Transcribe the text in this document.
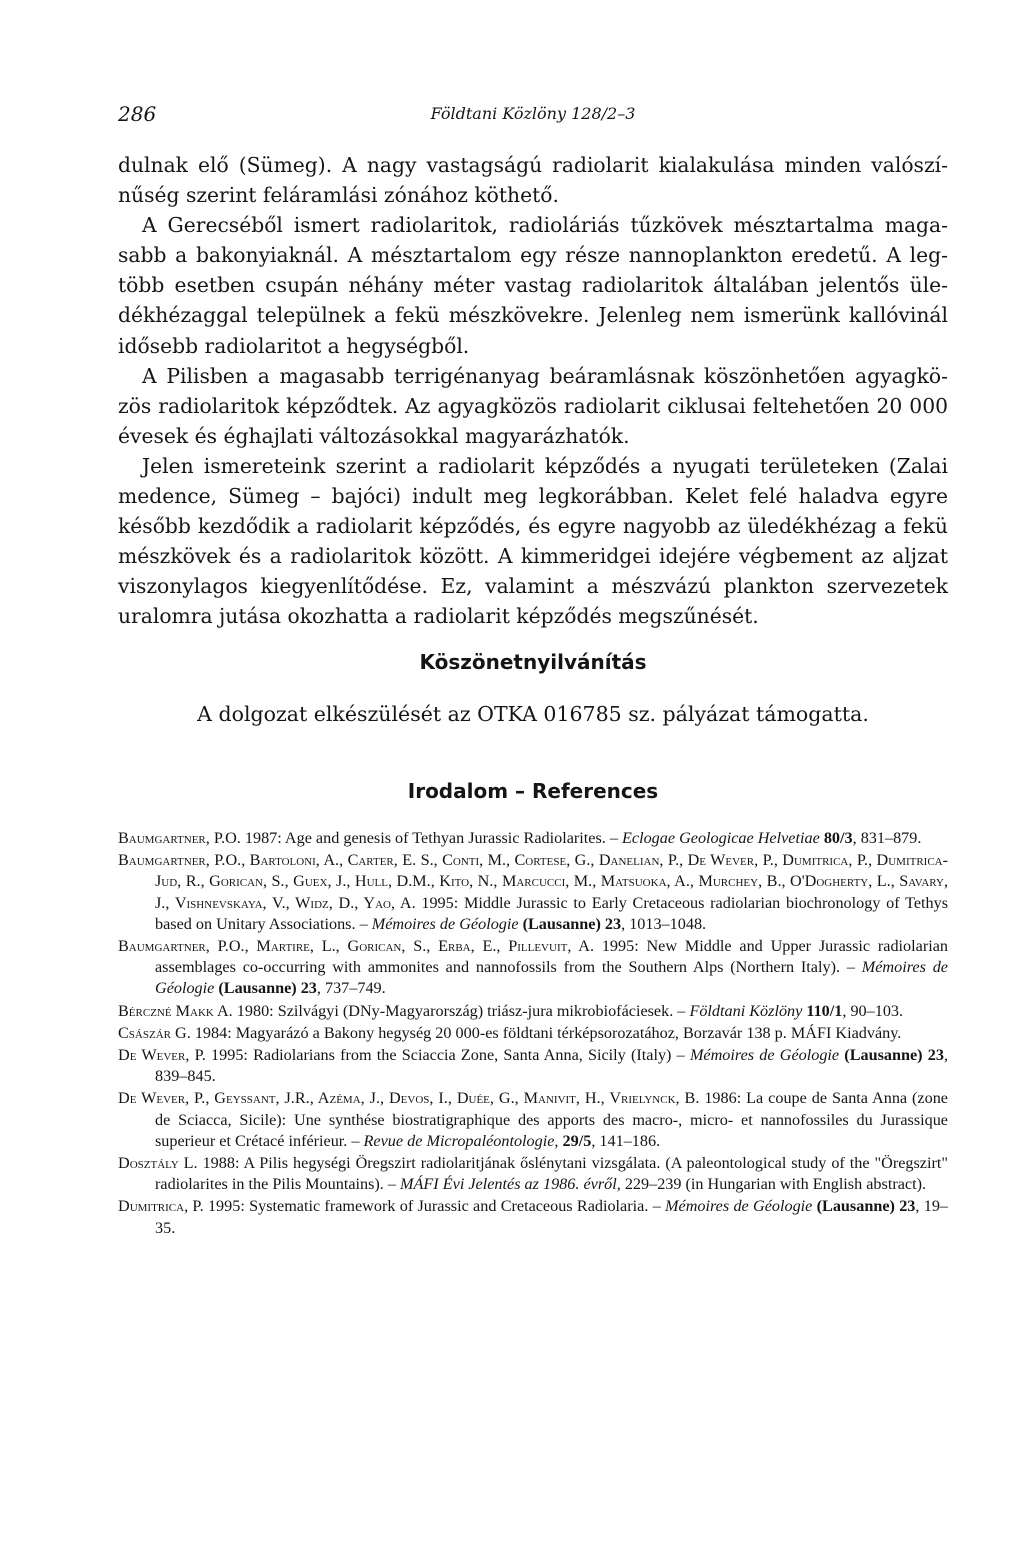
286	Földtani Közlöny 128/2–3

dulnak elő (Sümeg). A nagy vastagságú radiolarit kialakulása minden valószínűség szerint feláramlási zónához köthető.

A Gerecséből ismert radiolaritok, radioláriás tűzkövek mésztartalma magasabb a bakonyiaknál. A mésztartalom egy része nannoplankton eredetű. A legtöbb esetben csupán néhány méter vastag radiolaritok általában jelentős üledékhézaggal települnek a fekü mészkövekre. Jelenleg nem ismerünk kallóvinál idősebb radiolaritot a hegységből.

A Pilisben a magasabb terrigénanyag beáramlásnak köszönhetően agyagközös radiolaritok képződtek. Az agyagközös radiolarit ciklusai feltehetően 20 000 évesek és éghajlati változásokkal magyarázhatók.

Jelen ismereteink szerint a radiolarit képződés a nyugati területeken (Zalai medence, Sümeg – bajóci) indult meg legkorábban. Kelet felé haladva egyre később kezdődik a radiolarit képződés, és egyre nagyobb az üledékhézag a fekü mészkövek és a radiolaritok között. A kimmeridgei idejére végbement az aljzat viszonylagos kiegyenlítődése. Ez, valamint a mészvázú plankton szervezetek uralomra jutása okozhatta a radiolarit képződés megszűnését.

Köszönetnyilvánítás
A dolgozat elkészülését az OTKA 016785 sz. pályázat támogatta.
Irodalom – References

Baumgartner, P.O. 1987: Age and genesis of Tethyan Jurassic Radiolarites. – Eclogae Geologicae Helvetiae 80/3, 831–879.

Baumgartner, P.O., Bartoloni, A., Carter, E. S., Conti, M., Cortese, G., Danelian, P., De Wever, P., Dumitrica, P., Dumitrica-Jud, R., Gorican, S., Guex, J., Hull, D.M., Kito, N., Marcucci, M., Matsuoka, A., Murchey, B., O'Dogherty, L., Savary, J., Vishnevskaya, V., Widz, D., Yao, A. 1995: Middle Jurassic to Early Cretaceous radiolarian biochronology of Tethys based on Unitary Associations. – Mémoires de Géologie (Lausanne) 23, 1013–1048.

Baumgartner, P.O., Martire, L., Gorican, S., Erba, E., Pillevuit, A. 1995: New Middle and Upper Jurassic radiolarian assemblages co-occurring with ammonites and nannofossils from the Southern Alps (Northern Italy). – Mémoires de Géologie (Lausanne) 23, 737–749.

Bérczné Makk A. 1980: Szilvágyi (DNy-Magyarország) triász-jura mikrobiofáciesek. – Földtani Közlöny 110/1, 90–103.

Császár G. 1984: Magyarázó a Bakony hegység 20 000-es földtani térképsorozatához, Borzavár 138 p. MÁFI Kiadvány.

De Wever, P. 1995: Radiolarians from the Sciaccia Zone, Santa Anna, Sicily (Italy) – Mémoires de Géologie (Lausanne) 23, 839–845.

De Wever, P., Geyssant, J.R., Azéma, J., Devos, I., Duée, G., Manivit, H., Vrielynck, B. 1986: La coupe de Santa Anna (zone de Sciacca, Sicile): Une synthése biostratigraphique des apports des macro-, micro- et nannofossiles du Jurassique superieur et Crétacé inférieur. – Revue de Micropaléontologie, 29/5, 141–186.

Dosztály L. 1988: A Pilis hegységi Öregszirt radiolaritjának őslénytani vizsgálata. (A paleontological study of the "Öregszirt" radiolarites in the Pilis Mountains). – MÁFI Évi Jelentés az 1986. évről, 229–239 (in Hungarian with English abstract).

Dumitrica, P. 1995: Systematic framework of Jurassic and Cretaceous Radiolaria. – Mémoires de Géologie (Lausanne) 23, 19–35.
